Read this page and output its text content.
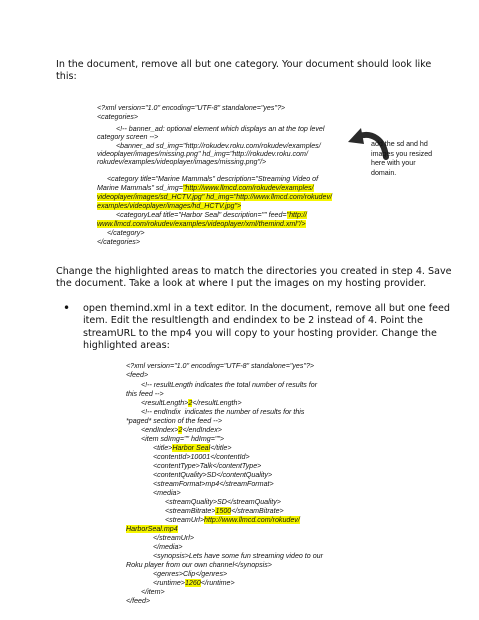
In the document, remove all but one category. Your document should look like
this:
<?xml version="1.0" encoding="UTF-8" standalone="yes"?>
<categories>
<!-- banner_ad: optional element which displays an at the top level
category screen -->
<banner_ad sd_img="http://rokudev.roku.com/rokudev/examples/
videoplayer/images/missing.png" hd_img="http://rokudev.roku.com/
rokudev/examples/videoplayer/images/missing.png"/>
<category title="Marine Mammals" description="Streaming Video of
Marine Mammals" sd_img="http://www.llmcd.com/rokudev/examples/
videoplayer/images/sd_HCTV.jpg" hd_img="http://www.llmcd.com/rokudev/
examples/videoplayer/images/hd_HCTV.jpg">
<categoryLeaf title="Harbor Seal" description="" feed="http://
www.llmcd.com/rokudev/examples/videoplayer/xml/themind.xml"/>
</category>
</categories>
add the sd and hd
images you resized
here with your
domain.
Change the highlighted areas to match the directories you created in step 4. Save
the document. Take a look at where I put the images on my hosting provider.
• open themind.xml in a text editor. In the document, remove all but one feed
item. Edit the resultlength and endindex to be 2 instead of 4. Point the
streamURL to the mp4 you will copy to your hosting provider. Change the
highlighted areas:
<?xml version="1.0" encoding="UTF-8" standalone="yes"?>
<feed>
<!-- resultLength indicates the total number of results for
this feed -->
<resultLength>2</resultLength>
<!-- endIndix  indicates the number of results for this
*paged* section of the feed -->
<endIndex>2</endIndex>
<item sdImg="" hdImg="">
<title>Harbor Seal</title>
<contentId>10001</contentId>
<contentType>Talk</contentType>
<contentQuality>SD</contentQuality>
<streamFormat>mp4</streamFormat>
<media>
<streamQuality>SD</streamQuality>
<streamBitrate>1500</streamBitrate>
<streamUrl>http://www.llmcd.com/rokudev/
HarborSeal.mp4
</streamUrl>
</media>
<synopsis>Lets have some fun streaming video to our
Roku player from our own channel</synopsis>
<genres>Clip</genres>
<runtime>1260</runtime>
</item>
</feed>
